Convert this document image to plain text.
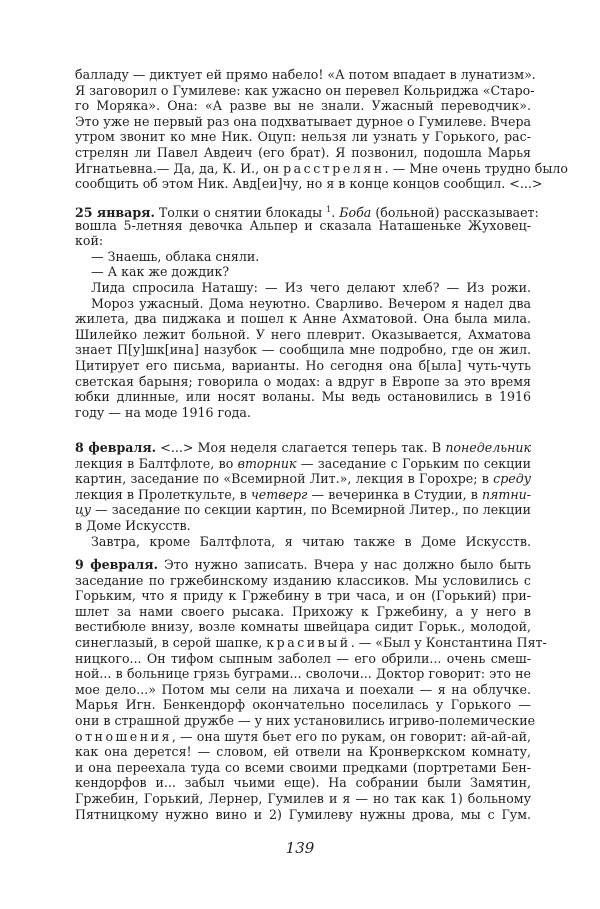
балладу — диктует ей прямо набело! «А потом впадает в лунатизм».
Я заговорил о Гумилеве: как ужасно он перевел Кольриджа «Старо-
го Моряка». Она: «А разве вы не знали. Ужасный переводчик».
Это уже не первый раз она подхватывает дурное о Гумилеве. Вчера
утром звонит ко мне Ник. Оцуп: нельзя ли узнать у Горького, рас-
стрелян ли Павел Авдеич (его брат). Я позвонил, подошла Марья
Игнатьевна.— Да, да, К. И., он расстрелян. — Мне очень трудно было
сообщить об этом Ник. Авд[еи]чу, но я в конце концов сообщил. <...>
25 января. Толки о снятии блокады $^1$. Боба (больной) рассказывает:
вошла 5-летняя девочка Альпер и сказала Наташеньке Жуховец-
кой:
— Знаешь, облака сняли.
— А как же дождик?
Лида спросила Наташу: — Из чего делают хлеб? — Из рожи.
Мороз ужасный. Дома неуютно. Сварливо. Вечером я надел два
жилета, два пиджака и пошел к Анне Ахматовой. Она была мила.
Шилейко лежит больной. У него плеврит. Оказывается, Ахматова
знает П[у]шк[ина] назубок — сообщила мне подробно, где он жил.
Цитирует его письма, варианты. Но сегодня она б[ыла] чуть-чуть
светская барыня; говорила о модах: а вдруг в Европе за это время
юбки длинные, или носят воланы. Мы ведь остановились в 1916
году — на моде 1916 года.
8 февраля. <...> Моя неделя слагается теперь так. В понедельник
лекция в Балтфлоте, во вторник — заседание с Горьким по секции
картин, заседание по «Всемирной Лит.», лекция в Горохре; в среду
лекция в Пролеткульте, в четверг — вечеринка в Студии, в пятни-
цу — заседание по секции картин, по Всемирной Литер., по лекции
в Доме Искусств.
Завтра, кроме Балтфлота, я читаю также в Доме Искусств.
9 февраля. Это нужно записать. Вчера у нас должно было быть
заседание по гржебинскому изданию классиков. Мы условились с
Горьким, что я приду к Гржебину в три часа, и он (Горький) при-
шлет за нами своего рысака. Прихожу к Гржебину, а у него в
вестибюле внизу, возле комнаты швейцара сидит Горьк., молодой,
синеглазый, в серой шапке, красивый. — «Был у Константина Пят-
ницкого... Он тифом сыпным заболел — его обрили... очень смеш-
ной... в больнице грязь буграми... сволочи... Доктор говорит: это не
мое дело...» Потом мы сели на лихача и поехали — я на облучке.
Марья Игн. Бенкендорф окончательно поселилась у Горького —
они в страшной дружбе — у них установились игриво-полемические
отношения, — она шутя бьет его по рукам, он говорит: ай-ай-ай,
как она дерется! — словом, ей отвели на Кронверкском комнату,
и она переехала туда со всеми своими предками (портретами Бен-
кендорфов и... забыл чьими еще). На собрании были Замятин,
Гржебин, Горький, Лернер, Гумилев и я — но так как 1) больному
Пятницкому нужно вино и 2) Гумилеву нужны дрова, мы с Гум.
139
